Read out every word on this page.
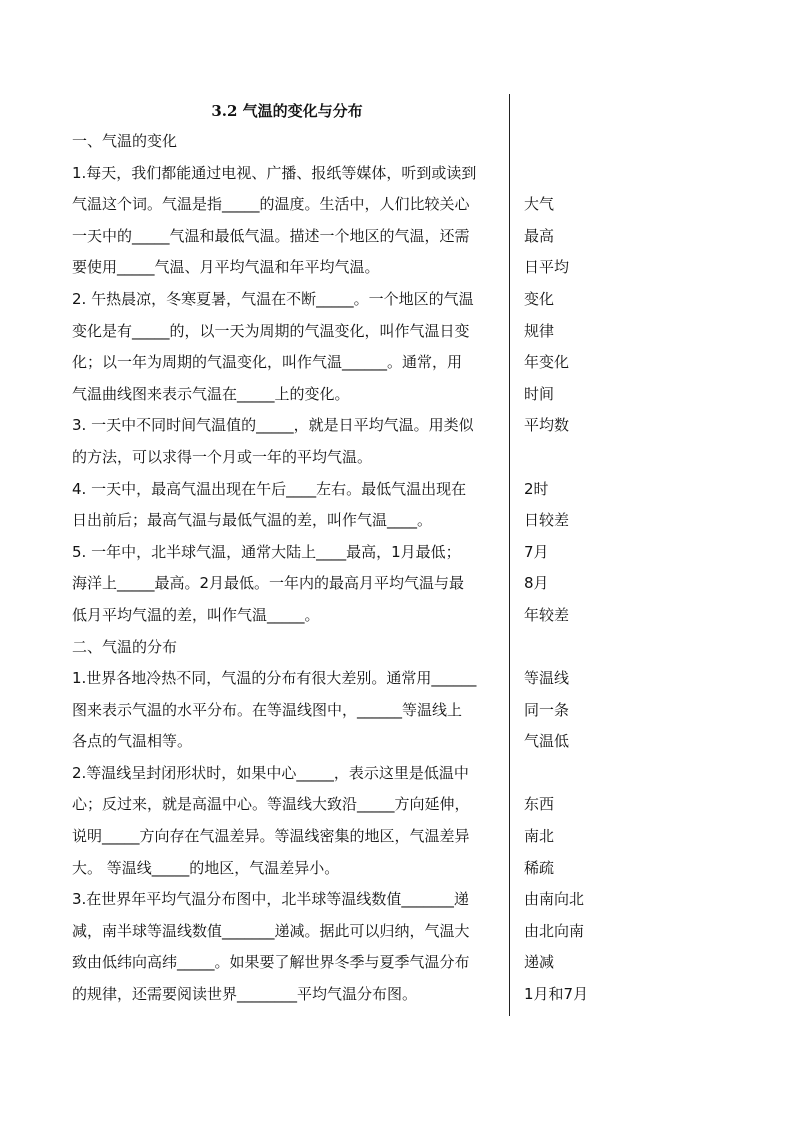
3.2 气温的变化与分布

一、气温的变化

1.每天，我们都能通过电视、广播、报纸等媒体，听到或读到

气温这个词。气温是指_____的温度。生活中，人们比较关心

一天中的_____气温和最低气温。描述一个地区的气温，还需

要使用_____气温、月平均气温和年平均气温。

2. 午热晨凉，冬寒夏暑，气温在不断_____。一个地区的气温

变化是有_____的，以一天为周期的气温变化，叫作气温日变

化；以一年为周期的气温变化，叫作气温______。通常，用

气温曲线图来表示气温在_____上的变化。

3. 一天中不同时间气温值的_____，就是日平均气温。用类似

的方法，可以求得一个月或一年的平均气温。

4. 一天中，最高气温出现在午后____左右。最低气温出现在

日出前后；最高气温与最低气温的差，叫作气温____。

5. 一年中，北半球气温，通常大陆上____最高，1月最低；

海洋上_____最高。2月最低。一年内的最高月平均气温与最

低月平均气温的差，叫作气温_____。

二、气温的分布

1.世界各地冷热不同，气温的分布有很大差别。通常用______

图来表示气温的水平分布。在等温线图中，______等温线上

各点的气温相等。

2.等温线呈封闭形状时，如果中心_____，表示这里是低温中

心；反过来，就是高温中心。等温线大致沿_____方向延伸，

说明_____方向存在气温差异。等温线密集的地区，气温差异

大。 等温线_____的地区，气温差异小。

3.在世界年平均气温分布图中，北半球等温线数值_______递

减，南半球等温线数值_______递减。据此可以归纳，气温大

致由低纬向高纬_____。如果要了解世界冬季与夏季气温分布

的规律，还需要阅读世界________平均气温分布图。

大气

最高

日平均

变化

规律

年变化

时间

平均数

2时

日较差

7月

8月

年较差

等温线

同一条

气温低

东西

南北

稀疏

由南向北

由北向南

递减

1月和7月
